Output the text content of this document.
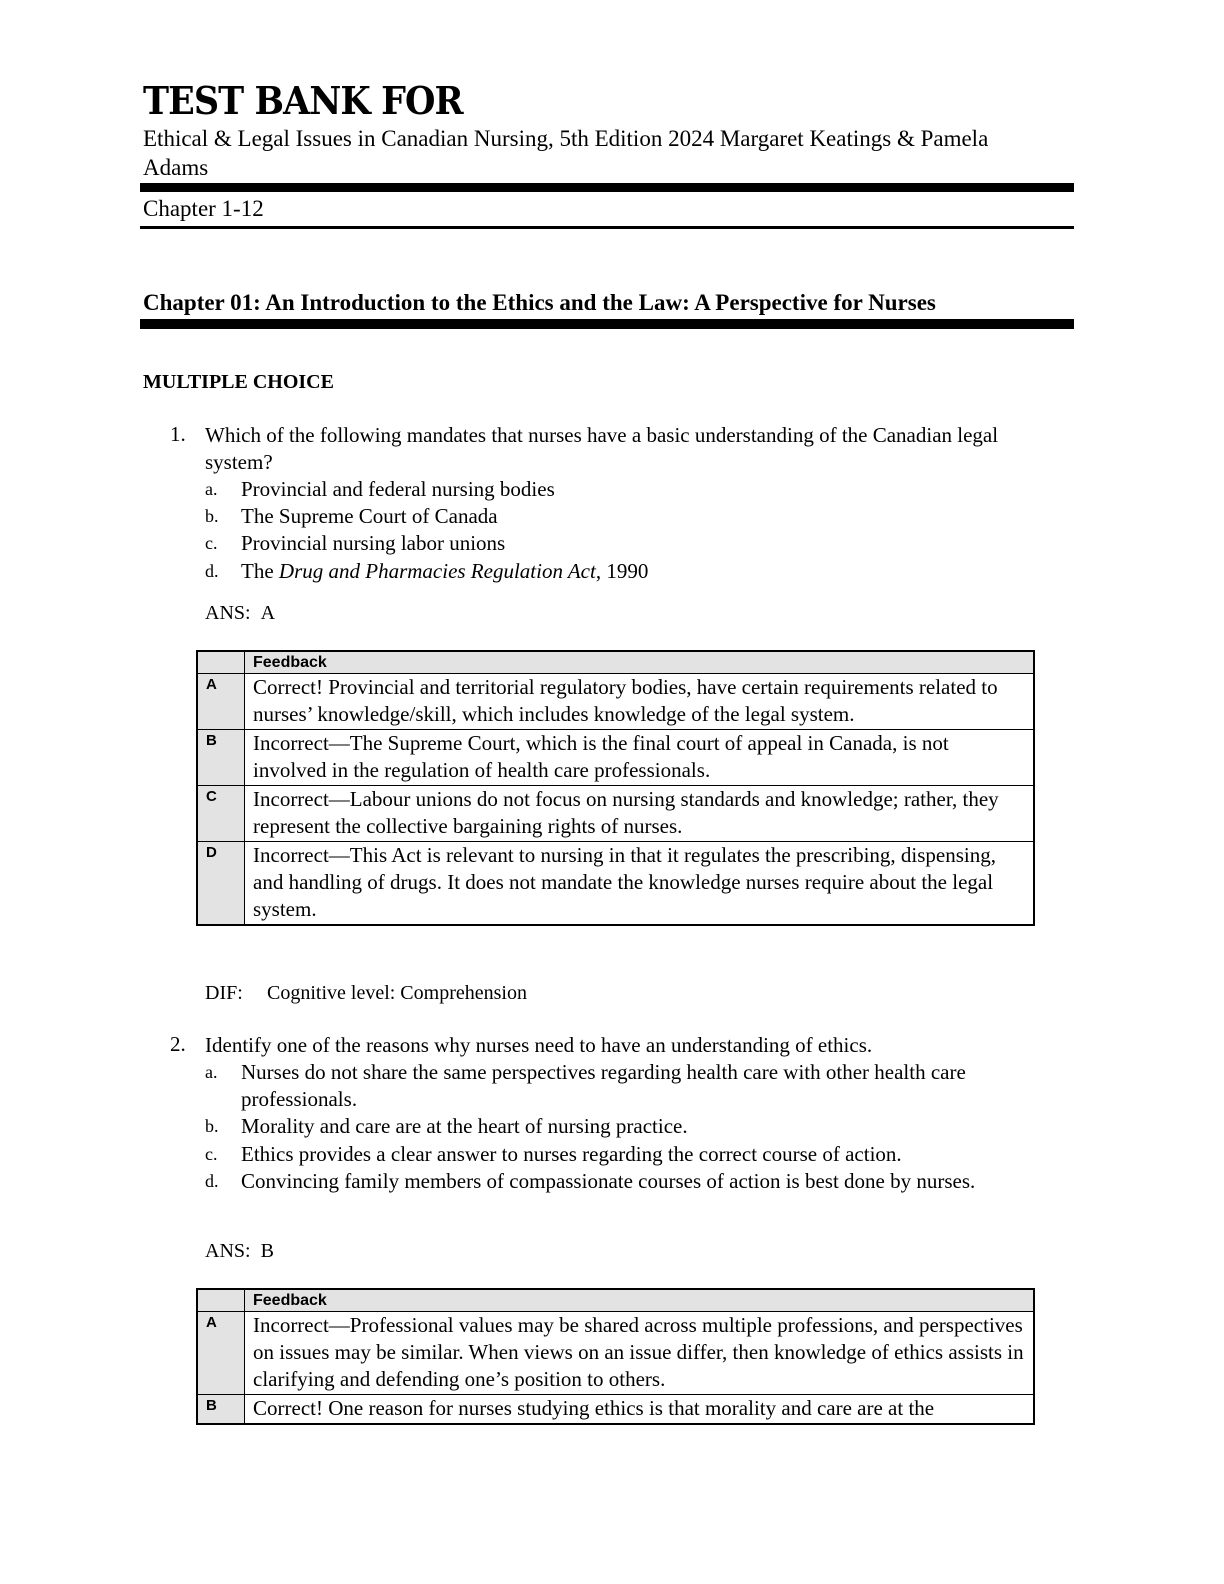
TEST BANK FOR
Ethical & Legal Issues in Canadian Nursing, 5th Edition 2024 Margaret Keatings & Pamela Adams
Chapter 1-12
Chapter 01: An Introduction to the Ethics and the Law: A Perspective for Nurses
MULTIPLE CHOICE
1. Which of the following mandates that nurses have a basic understanding of the Canadian legal system?
a. Provincial and federal nursing bodies
b. The Supreme Court of Canada
c. Provincial nursing labor unions
d. The Drug and Pharmacies Regulation Act, 1990
ANS: A
	Feedback
A	Correct! Provincial and territorial regulatory bodies, have certain requirements related to nurses’ knowledge/skill, which includes knowledge of the legal system.
B	Incorrect—The Supreme Court, which is the final court of appeal in Canada, is not involved in the regulation of health care professionals.
C	Incorrect—Labour unions do not focus on nursing standards and knowledge; rather, they represent the collective bargaining rights of nurses.
D	Incorrect—This Act is relevant to nursing in that it regulates the prescribing, dispensing, and handling of drugs. It does not mandate the knowledge nurses require about the legal system.
DIF: Cognitive level: Comprehension
2. Identify one of the reasons why nurses need to have an understanding of ethics.
a. Nurses do not share the same perspectives regarding health care with other health care professionals.
b. Morality and care are at the heart of nursing practice.
c. Ethics provides a clear answer to nurses regarding the correct course of action.
d. Convincing family members of compassionate courses of action is best done by nurses.
ANS: B
	Feedback
A	Incorrect—Professional values may be shared across multiple professions, and perspectives on issues may be similar. When views on an issue differ, then knowledge of ethics assists in clarifying and defending one’s position to others.
B	Correct! One reason for nurses studying ethics is that morality and care are at the
